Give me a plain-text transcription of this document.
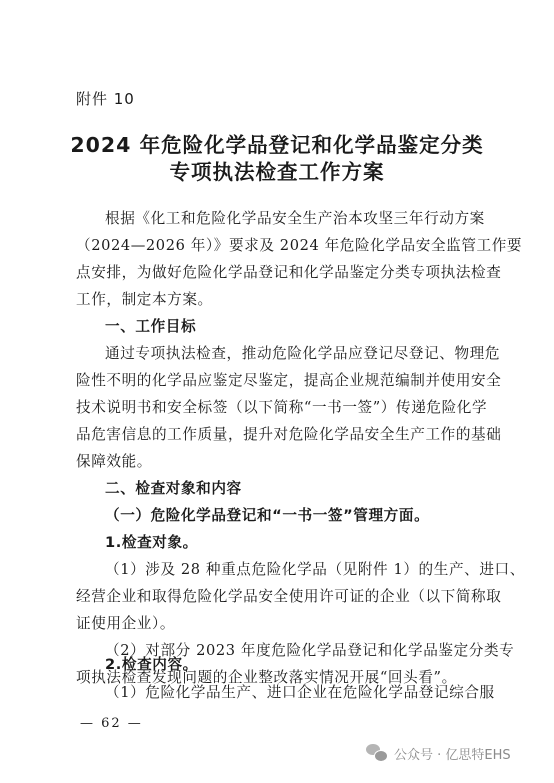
附件 10
2024 年危险化学品登记和化学品鉴定分类
专项执法检查工作方案
根据《化工和危险化学品安全生产治本攻坚三年行动方案
（2024—2026 年）》要求及 2024 年危险化学品安全监管工作要
点安排，为做好危险化学品登记和化学品鉴定分类专项执法检查
工作，制定本方案。
一、工作目标
通过专项执法检查，推动危险化学品应登记尽登记、物理危
险性不明的化学品应鉴定尽鉴定，提高企业规范编制并使用安全
技术说明书和安全标签（以下简称“一书一签”）传递危险化学
品危害信息的工作质量，提升对危险化学品安全生产工作的基础
保障效能。
二、检查对象和内容
（一）危险化学品登记和“一书一签”管理方面。
1.检查对象。
（1）涉及 28 种重点危险化学品（见附件 1）的生产、进口、
经营企业和取得危险化学品安全使用许可证的企业（以下简称取
证使用企业）。
（2）对部分 2023 年度危险化学品登记和化学品鉴定分类专
项执法检查发现问题的企业整改落实情况开展“回头看”。
2.检查内容。
（1）危险化学品生产、进口企业在危险化学品登记综合服
— 62 —
公众号 · 亿思特EHS
